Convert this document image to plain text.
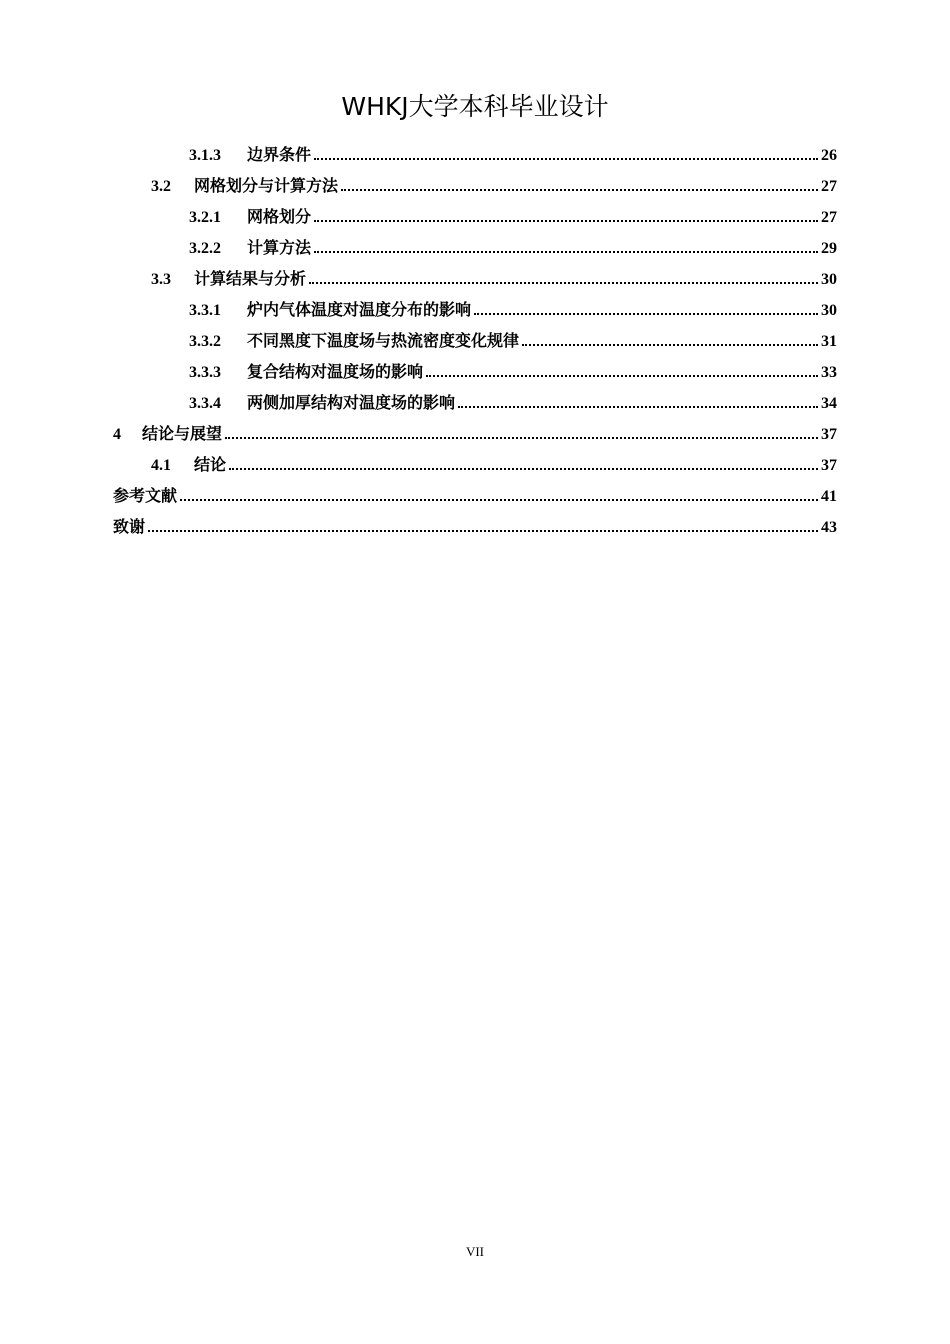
WHKJ大学本科毕业设计
3.1.3	边界条件	26
3.2	网格划分与计算方法	27
3.2.1	网格划分	27
3.2.2	计算方法	29
3.3	计算结果与分析	30
3.3.1	炉内气体温度对温度分布的影响	30
3.3.2	不同黑度下温度场与热流密度变化规律	31
3.3.3	复合结构对温度场的影响	33
3.3.4	两侧加厚结构对温度场的影响	34
4	结论与展望	37
4.1	结论	37
参考文献	41
致谢	43
VII
